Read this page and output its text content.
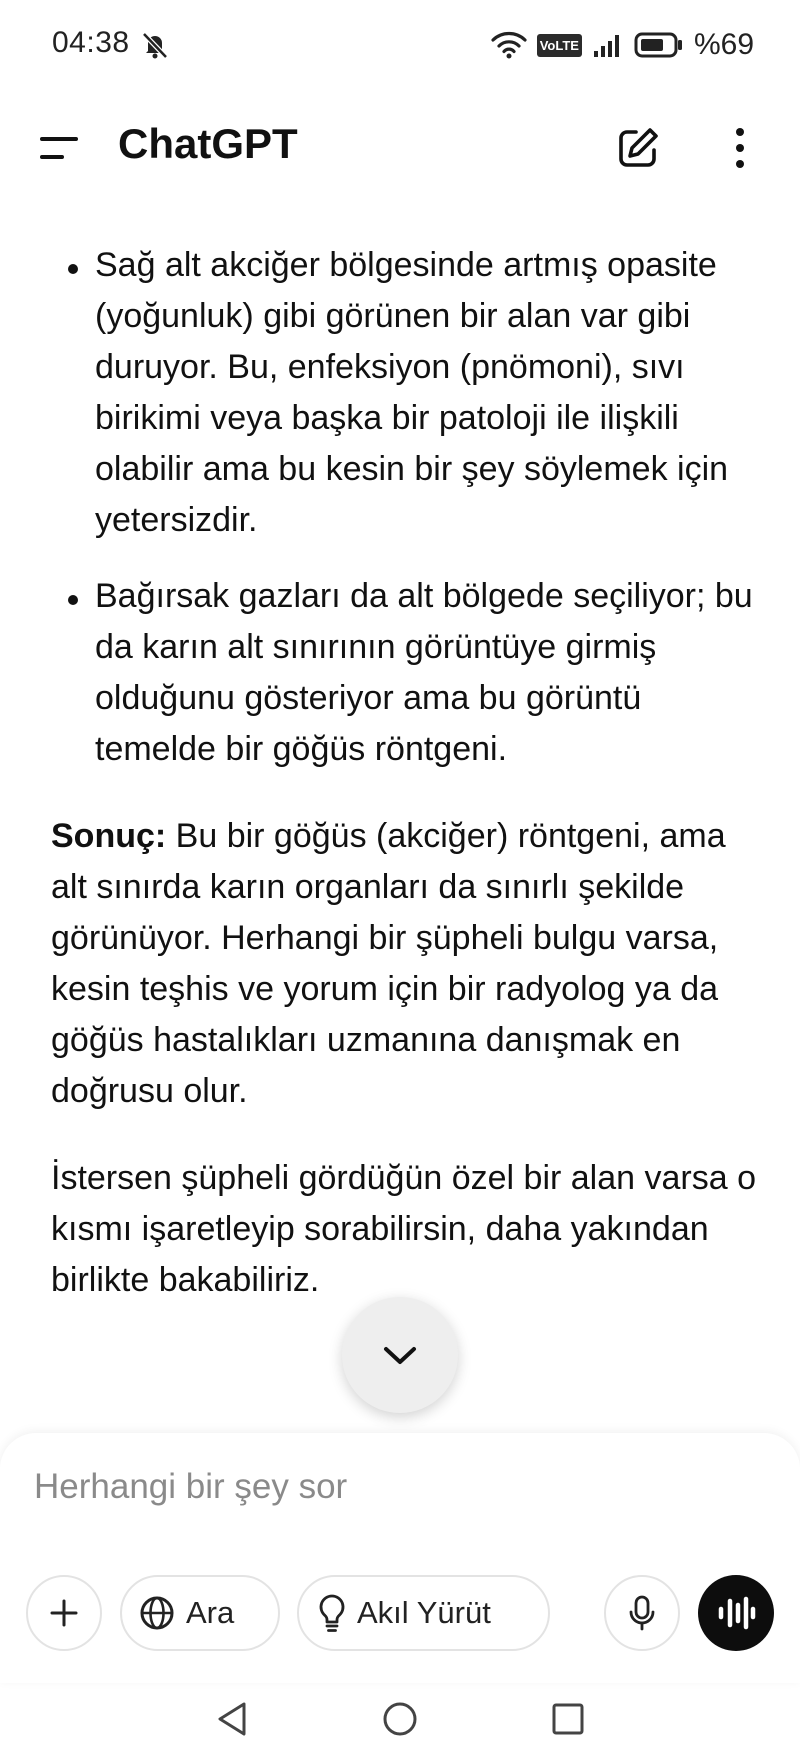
04:38	VoLTE	%69
ChatGPT
Sağ alt akciğer bölgesinde artmış opasite (yoğunluk) gibi görünen bir alan var gibi duruyor. Bu, enfeksiyon (pnömoni), sıvı birikimi veya başka bir patoloji ile ilişkili olabilir ama bu kesin bir şey söylemek için yetersizdir.
Bağırsak gazları da alt bölgede seçiliyor; bu da karın alt sınırının görüntüye girmiş olduğunu gösteriyor ama bu görüntü temelde bir göğüs röntgeni.

Sonuç: Bu bir göğüs (akciğer) röntgeni, ama alt sınırda karın organları da sınırlı şekilde görünüyor. Herhangi bir şüpheli bulgu varsa, kesin teşhis ve yorum için bir radyolog ya da göğüs hastalıkları uzmanına danışmak en doğrusu olur.

İstersen şüpheli gördüğün özel bir alan varsa o kısmı işaretleyip sorabilirsin, daha yakından birlikte bakabiliriz.

Herhangi bir şey sor
Ara	Akıl Yürüt
